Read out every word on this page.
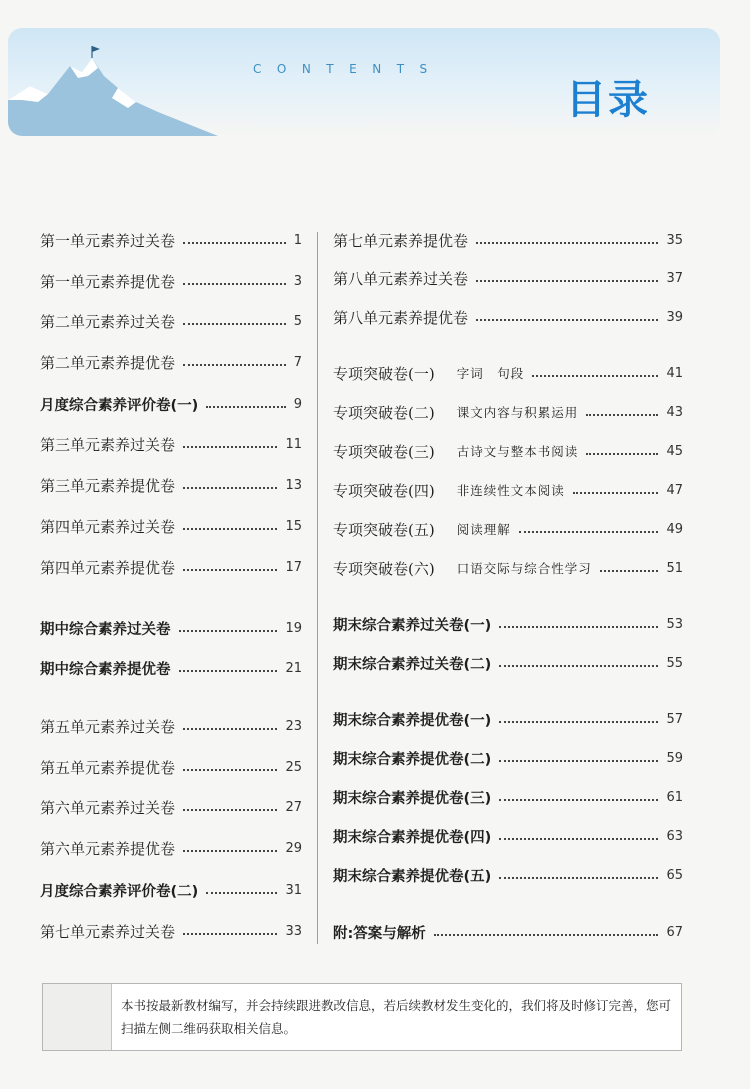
CONTENTS
目录
第一单元素养过关卷	1
第一单元素养提优卷	3
第二单元素养过关卷	5
第二单元素养提优卷	7
月度综合素养评价卷(一)	9
第三单元素养过关卷	11
第三单元素养提优卷	13
第四单元素养过关卷	15
第四单元素养提优卷	17
期中综合素养过关卷	19
期中综合素养提优卷	21
第五单元素养过关卷	23
第五单元素养提优卷	25
第六单元素养过关卷	27
第六单元素养提优卷	29
月度综合素养评价卷(二)	31
第七单元素养过关卷	33
第七单元素养提优卷	35
第八单元素养过关卷	37
第八单元素养提优卷	39
专项突破卷(一) 字词　句段	41
专项突破卷(二) 课文内容与积累运用	43
专项突破卷(三) 古诗文与整本书阅读	45
专项突破卷(四) 非连续性文本阅读	47
专项突破卷(五) 阅读理解	49
专项突破卷(六) 口语交际与综合性学习	51
期末综合素养过关卷(一)	53
期末综合素养过关卷(二)	55
期末综合素养提优卷(一)	57
期末综合素养提优卷(二)	59
期末综合素养提优卷(三)	61
期末综合素养提优卷(四)	63
期末综合素养提优卷(五)	65
附:答案与解析	67
本书按最新教材编写，并会持续跟进教改信息，若后续教材发生变化的，我们将及时修订完善，您可扫描左侧二维码获取相关信息。
